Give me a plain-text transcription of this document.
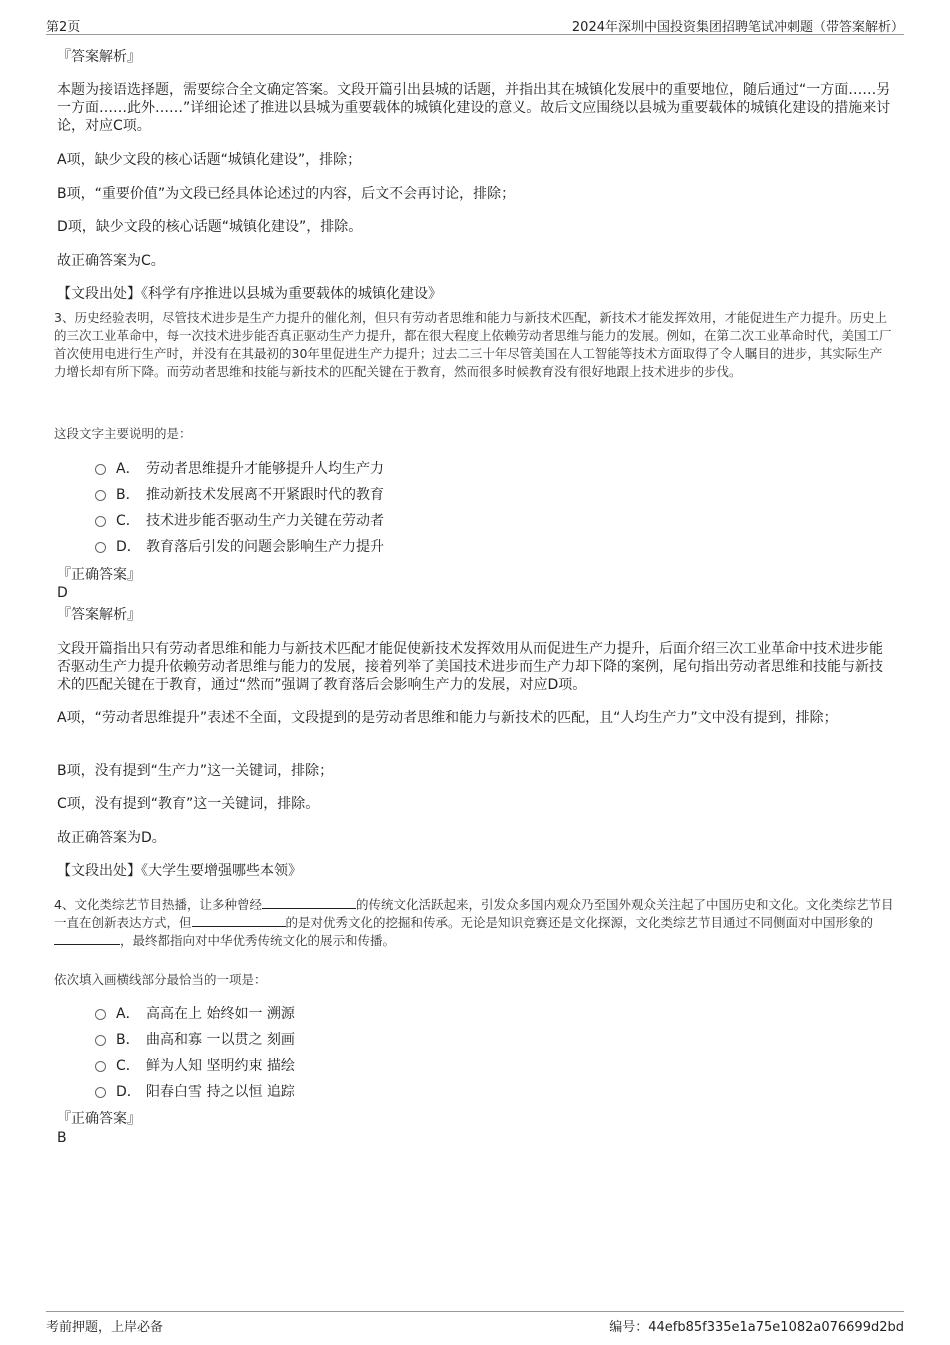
第2页	2024年深圳中国投资集团招聘笔试冲刺题（带答案解析）
『答案解析』
本题为接语选择题，需要综合全文确定答案。文段开篇引出县城的话题，并指出其在城镇化发展中的重要地位，随后通过“一方面……另一方面……此外……”详细论述了推进以县城为重要载体的城镇化建设的意义。故后文应围绕以县城为重要载体的城镇化建设的措施来讨论，对应C项。
A项，缺少文段的核心话题“城镇化建设”，排除；
B项，“重要价值”为文段已经具体论述过的内容，后文不会再讨论，排除；
D项，缺少文段的核心话题“城镇化建设”，排除。
故正确答案为C。
【文段出处】《科学有序推进以县城为重要载体的城镇化建设》
3、历史经验表明，尽管技术进步是生产力提升的催化剂，但只有劳动者思维和能力与新技术匹配，新技术才能发挥效用，才能促进生产力提升。历史上的三次工业革命中，每一次技术进步能否真正驱动生产力提升，都在很大程度上依赖劳动者思维与能力的发展。例如，在第二次工业革命时代，美国工厂首次使用电进行生产时，并没有在其最初的30年里促进生产力提升；过去二三十年尽管美国在人工智能等技术方面取得了令人瞩目的进步，其实际生产力增长却有所下降。而劳动者思维和技能与新技术的匹配关键在于教育，然而很多时候教育没有很好地跟上技术进步的步伐。
这段文字主要说明的是：
A． 劳动者思维提升才能够提升人均生产力
B． 推动新技术发展离不开紧跟时代的教育
C． 技术进步能否驱动生产力关键在劳动者
D． 教育落后引发的问题会影响生产力提升
『正确答案』
D
『答案解析』
文段开篇指出只有劳动者思维和能力与新技术匹配才能促使新技术发挥效用从而促进生产力提升，后面介绍三次工业革命中技术进步能否驱动生产力提升依赖劳动者思维与能力的发展，接着列举了美国技术进步而生产力却下降的案例，尾句指出劳动者思维和技能与新技术的匹配关键在于教育，通过“然而”强调了教育落后会影响生产力的发展，对应D项。
A项，“劳动者思维提升”表述不全面，文段提到的是劳动者思维和能力与新技术的匹配，且“人均生产力”文中没有提到，排除；
B项，没有提到“生产力”这一关键词，排除；
C项，没有提到“教育”这一关键词，排除。
故正确答案为D。
【文段出处】《大学生要增强哪些本领》
4、文化类综艺节目热播，让多种曾经	的传统文化活跃起来，引发众多国内观众乃至国外观众关注起了中国历史和文化。文化类综艺节目一直在创新表达方式，但	的是对优秀文化的挖掘和传承。无论是知识竞赛还是文化探源，文化类综艺节目通过不同侧面对中国形象的，最终都指向对中华优秀传统文化的展示和传播。
依次填入画横线部分最恰当的一项是：
A． 高高在上 始终如一 溯源
B． 曲高和寡 一以贯之 刻画
C． 鲜为人知 坚明约束 描绘
D． 阳春白雪 持之以恒 追踪
『正确答案』
B
考前押题，上岸必备	编号：44efb85f335e1a75e1082a076699d2bd
